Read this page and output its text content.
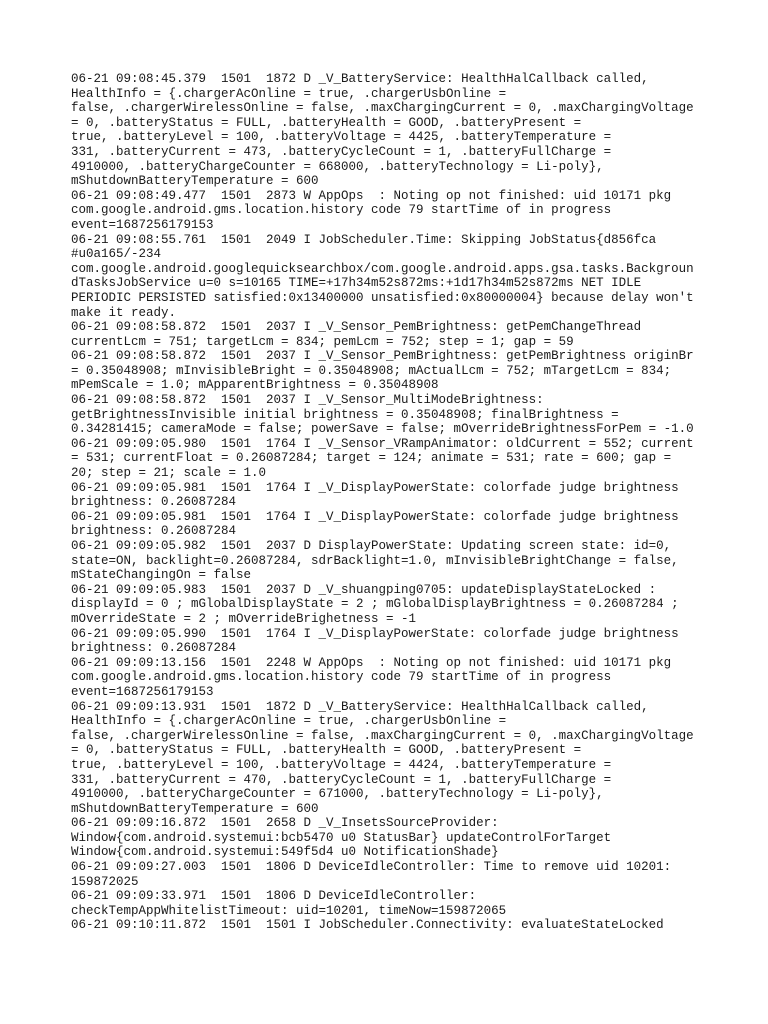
06-21 09:08:45.379  1501  1872 D _V_BatteryService: HealthHalCallback called,
HealthInfo = {.chargerAcOnline = true, .chargerUsbOnline =
false, .chargerWirelessOnline = false, .maxChargingCurrent = 0, .maxChargingVoltage
= 0, .batteryStatus = FULL, .batteryHealth = GOOD, .batteryPresent =
true, .batteryLevel = 100, .batteryVoltage = 4425, .batteryTemperature =
331, .batteryCurrent = 473, .batteryCycleCount = 1, .batteryFullCharge =
4910000, .batteryChargeCounter = 668000, .batteryTechnology = Li-poly},
mShutdownBatteryTemperature = 600
06-21 09:08:49.477  1501  2873 W AppOps  : Noting op not finished: uid 10171 pkg
com.google.android.gms.location.history code 79 startTime of in progress
event=1687256179153
06-21 09:08:55.761  1501  2049 I JobScheduler.Time: Skipping JobStatus{d856fca
#u0a165/-234
com.google.android.googlequicksearchbox/com.google.android.apps.gsa.tasks.Backgroun
dTasksJobService u=0 s=10165 TIME=+17h34m52s872ms:+1d17h34m52s872ms NET IDLE
PERIODIC PERSISTED satisfied:0x13400000 unsatisfied:0x80000004} because delay won't
make it ready.
06-21 09:08:58.872  1501  2037 I _V_Sensor_PemBrightness: getPemChangeThread
currentLcm = 751; targetLcm = 834; pemLcm = 752; step = 1; gap = 59
06-21 09:08:58.872  1501  2037 I _V_Sensor_PemBrightness: getPemBrightness originBr
= 0.35048908; mInvisibleBright = 0.35048908; mActualLcm = 752; mTargetLcm = 834;
mPemScale = 1.0; mApparentBrightness = 0.35048908
06-21 09:08:58.872  1501  2037 I _V_Sensor_MultiModeBrightness:
getBrightnessInvisible initial brightness = 0.35048908; finalBrightness =
0.34281415; cameraMode = false; powerSave = false; mOverrideBrightnessForPem = -1.0
06-21 09:09:05.980  1501  1764 I _V_Sensor_VRampAnimator: oldCurrent = 552; current
= 531; currentFloat = 0.26087284; target = 124; animate = 531; rate = 600; gap =
20; step = 21; scale = 1.0
06-21 09:09:05.981  1501  1764 I _V_DisplayPowerState: colorfade judge brightness
brightness: 0.26087284
06-21 09:09:05.981  1501  1764 I _V_DisplayPowerState: colorfade judge brightness
brightness: 0.26087284
06-21 09:09:05.982  1501  2037 D DisplayPowerState: Updating screen state: id=0,
state=ON, backlight=0.26087284, sdrBacklight=1.0, mInvisibleBrightChange = false,
mStateChangingOn = false
06-21 09:09:05.983  1501  2037 D _V_shuangping0705: updateDisplayStateLocked :
displayId = 0 ; mGlobalDisplayState = 2 ; mGlobalDisplayBrightness = 0.26087284 ;
mOverrideState = 2 ; mOverrideBrighetness = -1
06-21 09:09:05.990  1501  1764 I _V_DisplayPowerState: colorfade judge brightness
brightness: 0.26087284
06-21 09:09:13.156  1501  2248 W AppOps  : Noting op not finished: uid 10171 pkg
com.google.android.gms.location.history code 79 startTime of in progress
event=1687256179153
06-21 09:09:13.931  1501  1872 D _V_BatteryService: HealthHalCallback called,
HealthInfo = {.chargerAcOnline = true, .chargerUsbOnline =
false, .chargerWirelessOnline = false, .maxChargingCurrent = 0, .maxChargingVoltage
= 0, .batteryStatus = FULL, .batteryHealth = GOOD, .batteryPresent =
true, .batteryLevel = 100, .batteryVoltage = 4424, .batteryTemperature =
331, .batteryCurrent = 470, .batteryCycleCount = 1, .batteryFullCharge =
4910000, .batteryChargeCounter = 671000, .batteryTechnology = Li-poly},
mShutdownBatteryTemperature = 600
06-21 09:09:16.872  1501  2658 D _V_InsetsSourceProvider:
Window{com.android.systemui:bcb5470 u0 StatusBar} updateControlForTarget
Window{com.android.systemui:549f5d4 u0 NotificationShade}
06-21 09:09:27.003  1501  1806 D DeviceIdleController: Time to remove uid 10201:
159872025
06-21 09:09:33.971  1501  1806 D DeviceIdleController:
checkTempAppWhitelistTimeout: uid=10201, timeNow=159872065
06-21 09:10:11.872  1501  1501 I JobScheduler.Connectivity: evaluateStateLocked
